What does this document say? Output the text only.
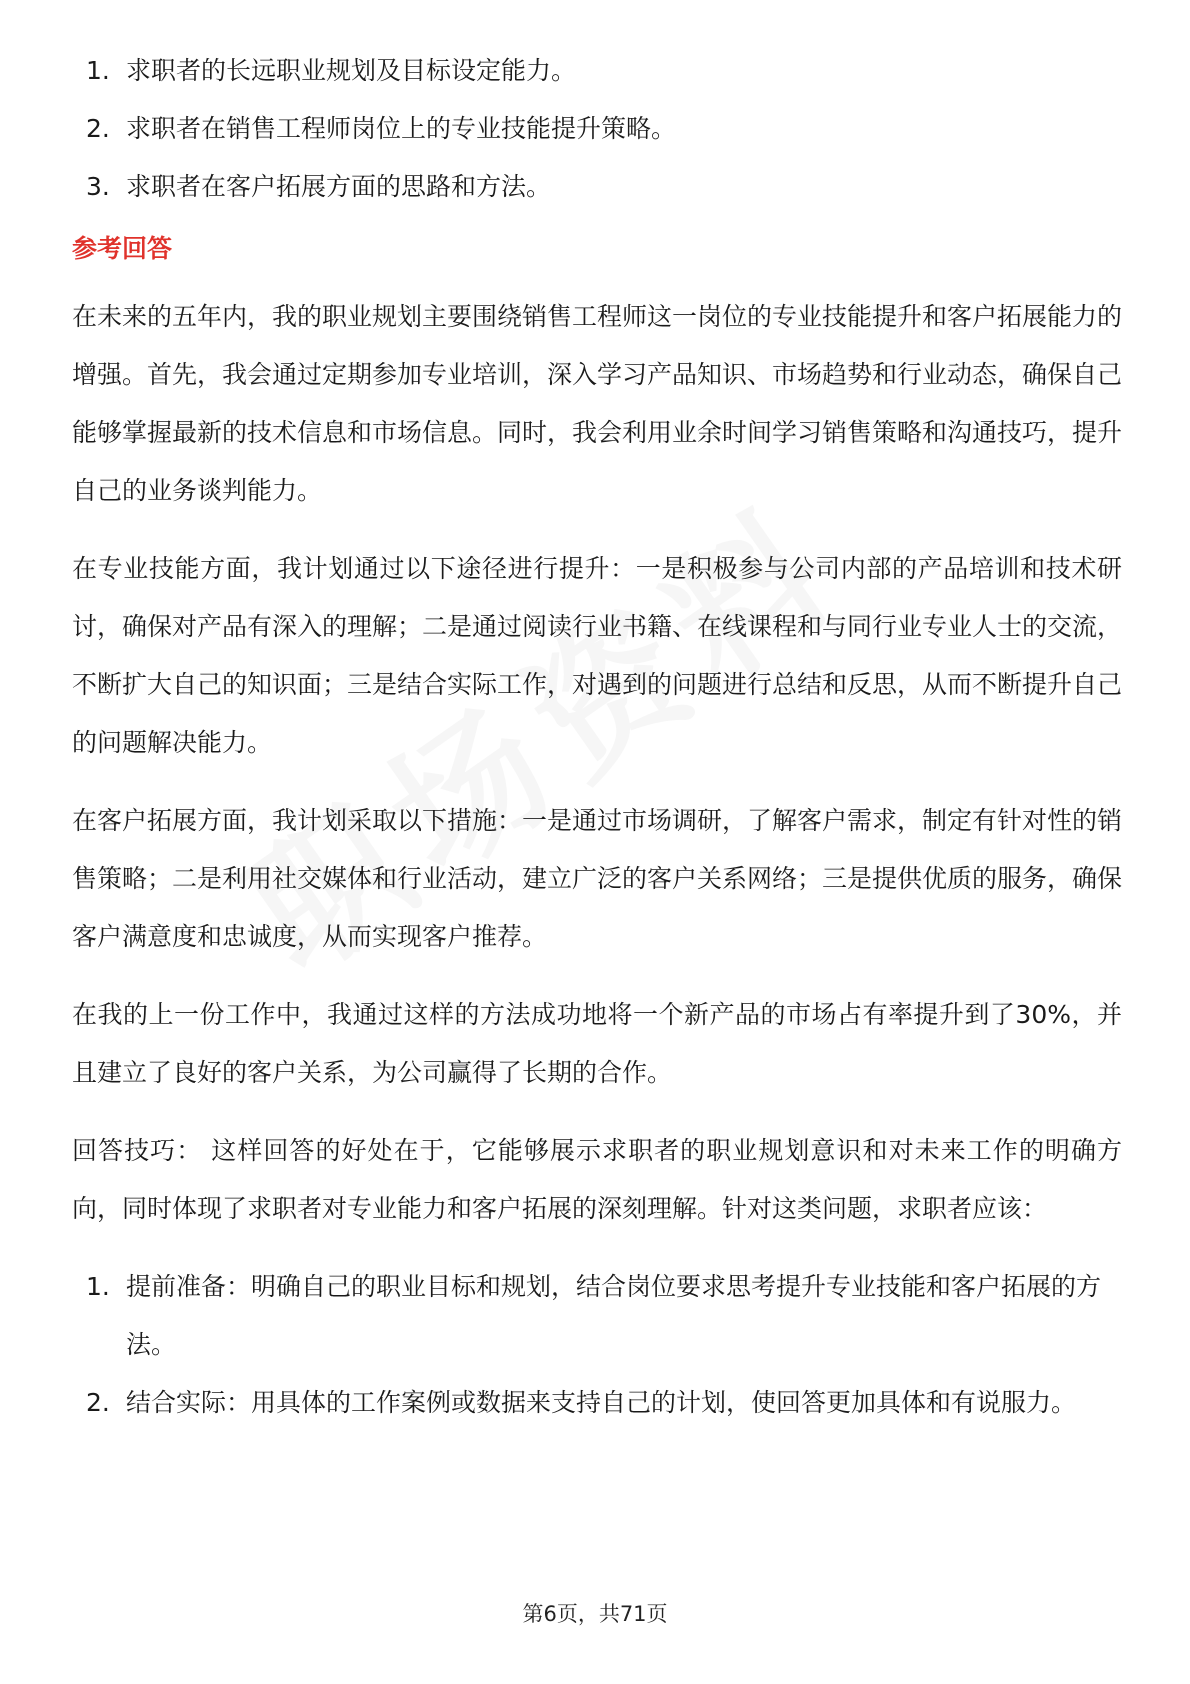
1. 求职者的长远职业规划及目标设定能力。
2. 求职者在销售工程师岗位上的专业技能提升策略。
3. 求职者在客户拓展方面的思路和方法。
参考回答

在未来的五年内，我的职业规划主要围绕销售工程师这一岗位的专业技能提升和客户拓展能力的增强。首先，我会通过定期参加专业培训，深入学习产品知识、市场趋势和行业动态，确保自己能够掌握最新的技术信息和市场信息。同时，我会利用业余时间学习销售策略和沟通技巧，提升自己的业务谈判能力。

在专业技能方面，我计划通过以下途径进行提升：一是积极参与公司内部的产品培训和技术研讨，确保对产品有深入的理解；二是通过阅读行业书籍、在线课程和与同行业专业人士的交流，不断扩大自己的知识面；三是结合实际工作，对遇到的问题进行总结和反思，从而不断提升自己的问题解决能力。

在客户拓展方面，我计划采取以下措施：一是通过市场调研，了解客户需求，制定有针对性的销售策略；二是利用社交媒体和行业活动，建立广泛的客户关系网络；三是提供优质的服务，确保客户满意度和忠诚度，从而实现客户推荐。

在我的上一份工作中，我通过这样的方法成功地将一个新产品的市场占有率提升到了30%，并且建立了良好的客户关系，为公司赢得了长期的合作。

回答技巧： 这样回答的好处在于，它能够展示求职者的职业规划意识和对未来工作的明确方向，同时体现了求职者对专业能力和客户拓展的深刻理解。针对这类问题，求职者应该：

1. 提前准备：明确自己的职业目标和规划，结合岗位要求思考提升专业技能和客户拓展的方法。
2. 结合实际：用具体的工作案例或数据来支持自己的计划，使回答更加具体和有说服力。
第6页，共71页
